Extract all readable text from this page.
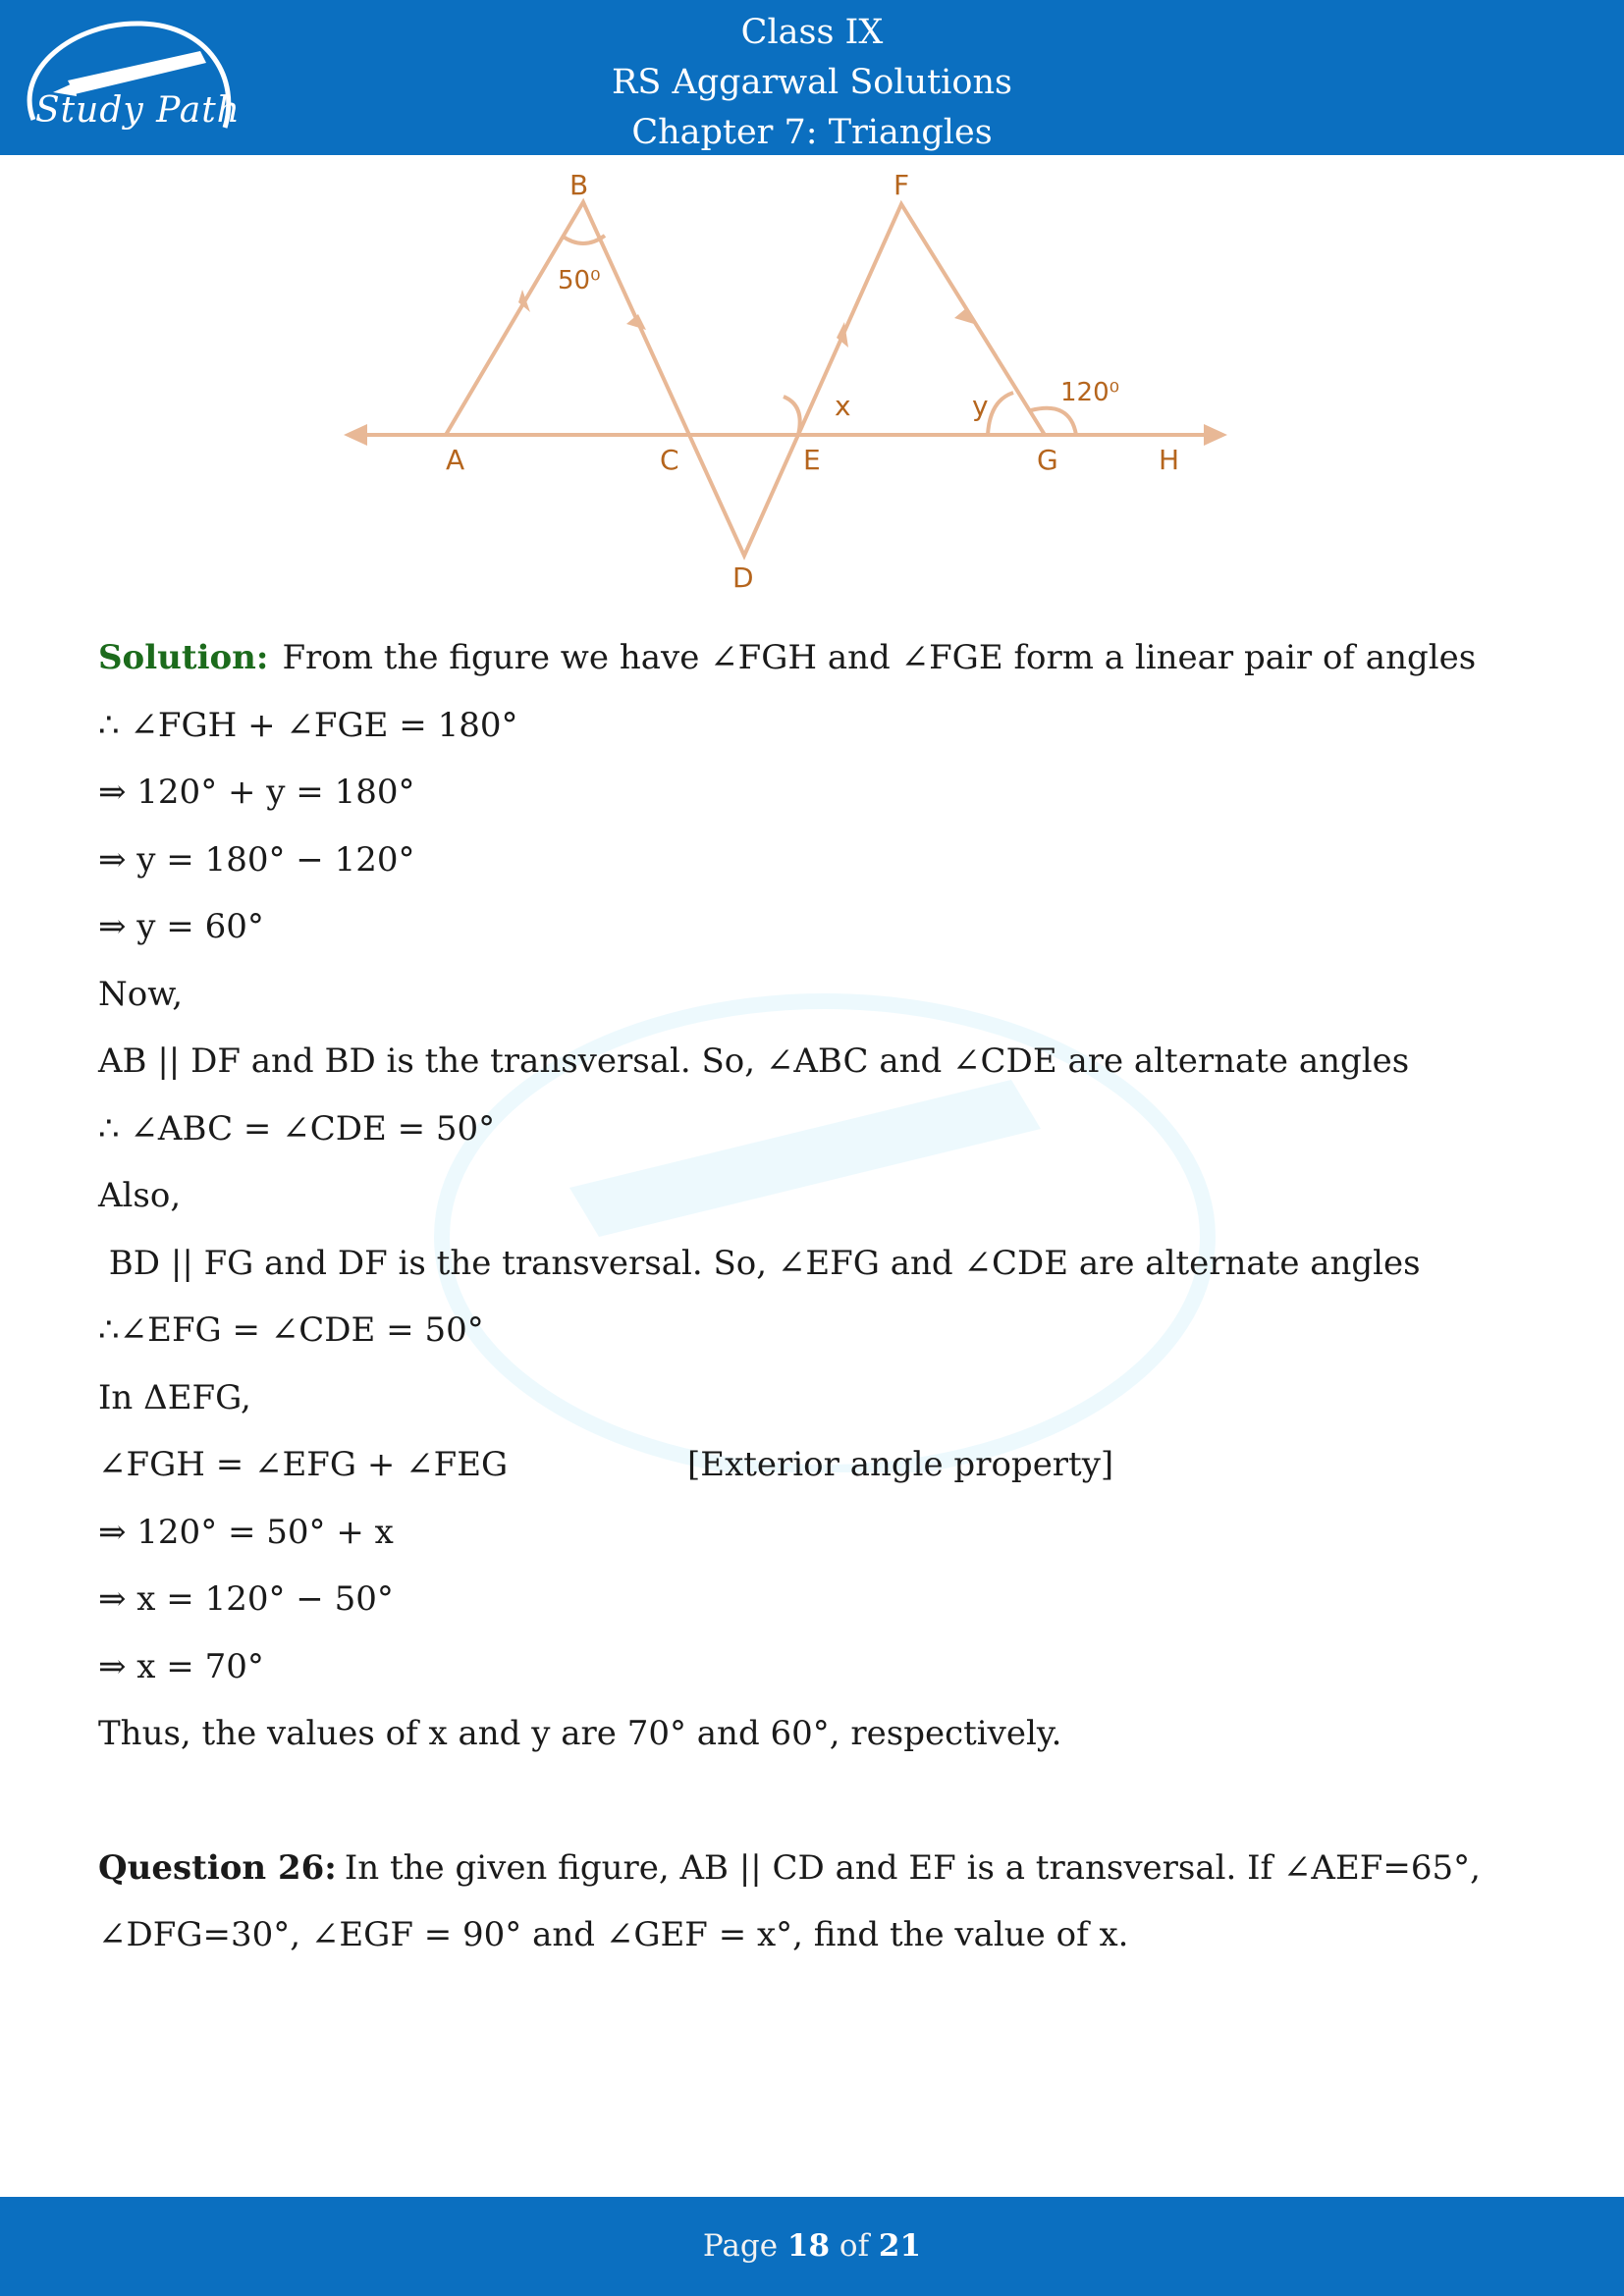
Study Path
Class IX
RS Aggarwal Solutions
Chapter 7: Triangles
B	F
A	C	E	G	H
D
50⁰
120⁰
x	y
Solution: From the figure we have ∠FGH and ∠FGE form a linear pair of angles
∴ ∠FGH + ∠FGE = 180°
⇒ 120° + y = 180°
⇒ y = 180° − 120°
⇒ y = 60°
Now,
AB || DF and BD is the transversal. So, ∠ABC and ∠CDE are alternate angles
∴ ∠ABC = ∠CDE = 50°
Also,
BD || FG and DF is the transversal. So, ∠EFG and ∠CDE are alternate angles
∴∠EFG = ∠CDE = 50°
In ΔEFG,
∠FGH = ∠EFG + ∠FEG	[Exterior angle property]
⇒ 120° = 50° + x
⇒ x = 120° − 50°
⇒ x = 70°
Thus, the values of x and y are 70° and 60°, respectively.
Question 26: In the given figure, AB || CD and EF is a transversal. If ∠AEF=65°,
∠DFG=30°, ∠EGF = 90° and ∠GEF = x°, find the value of x.
Page 18 of 21
